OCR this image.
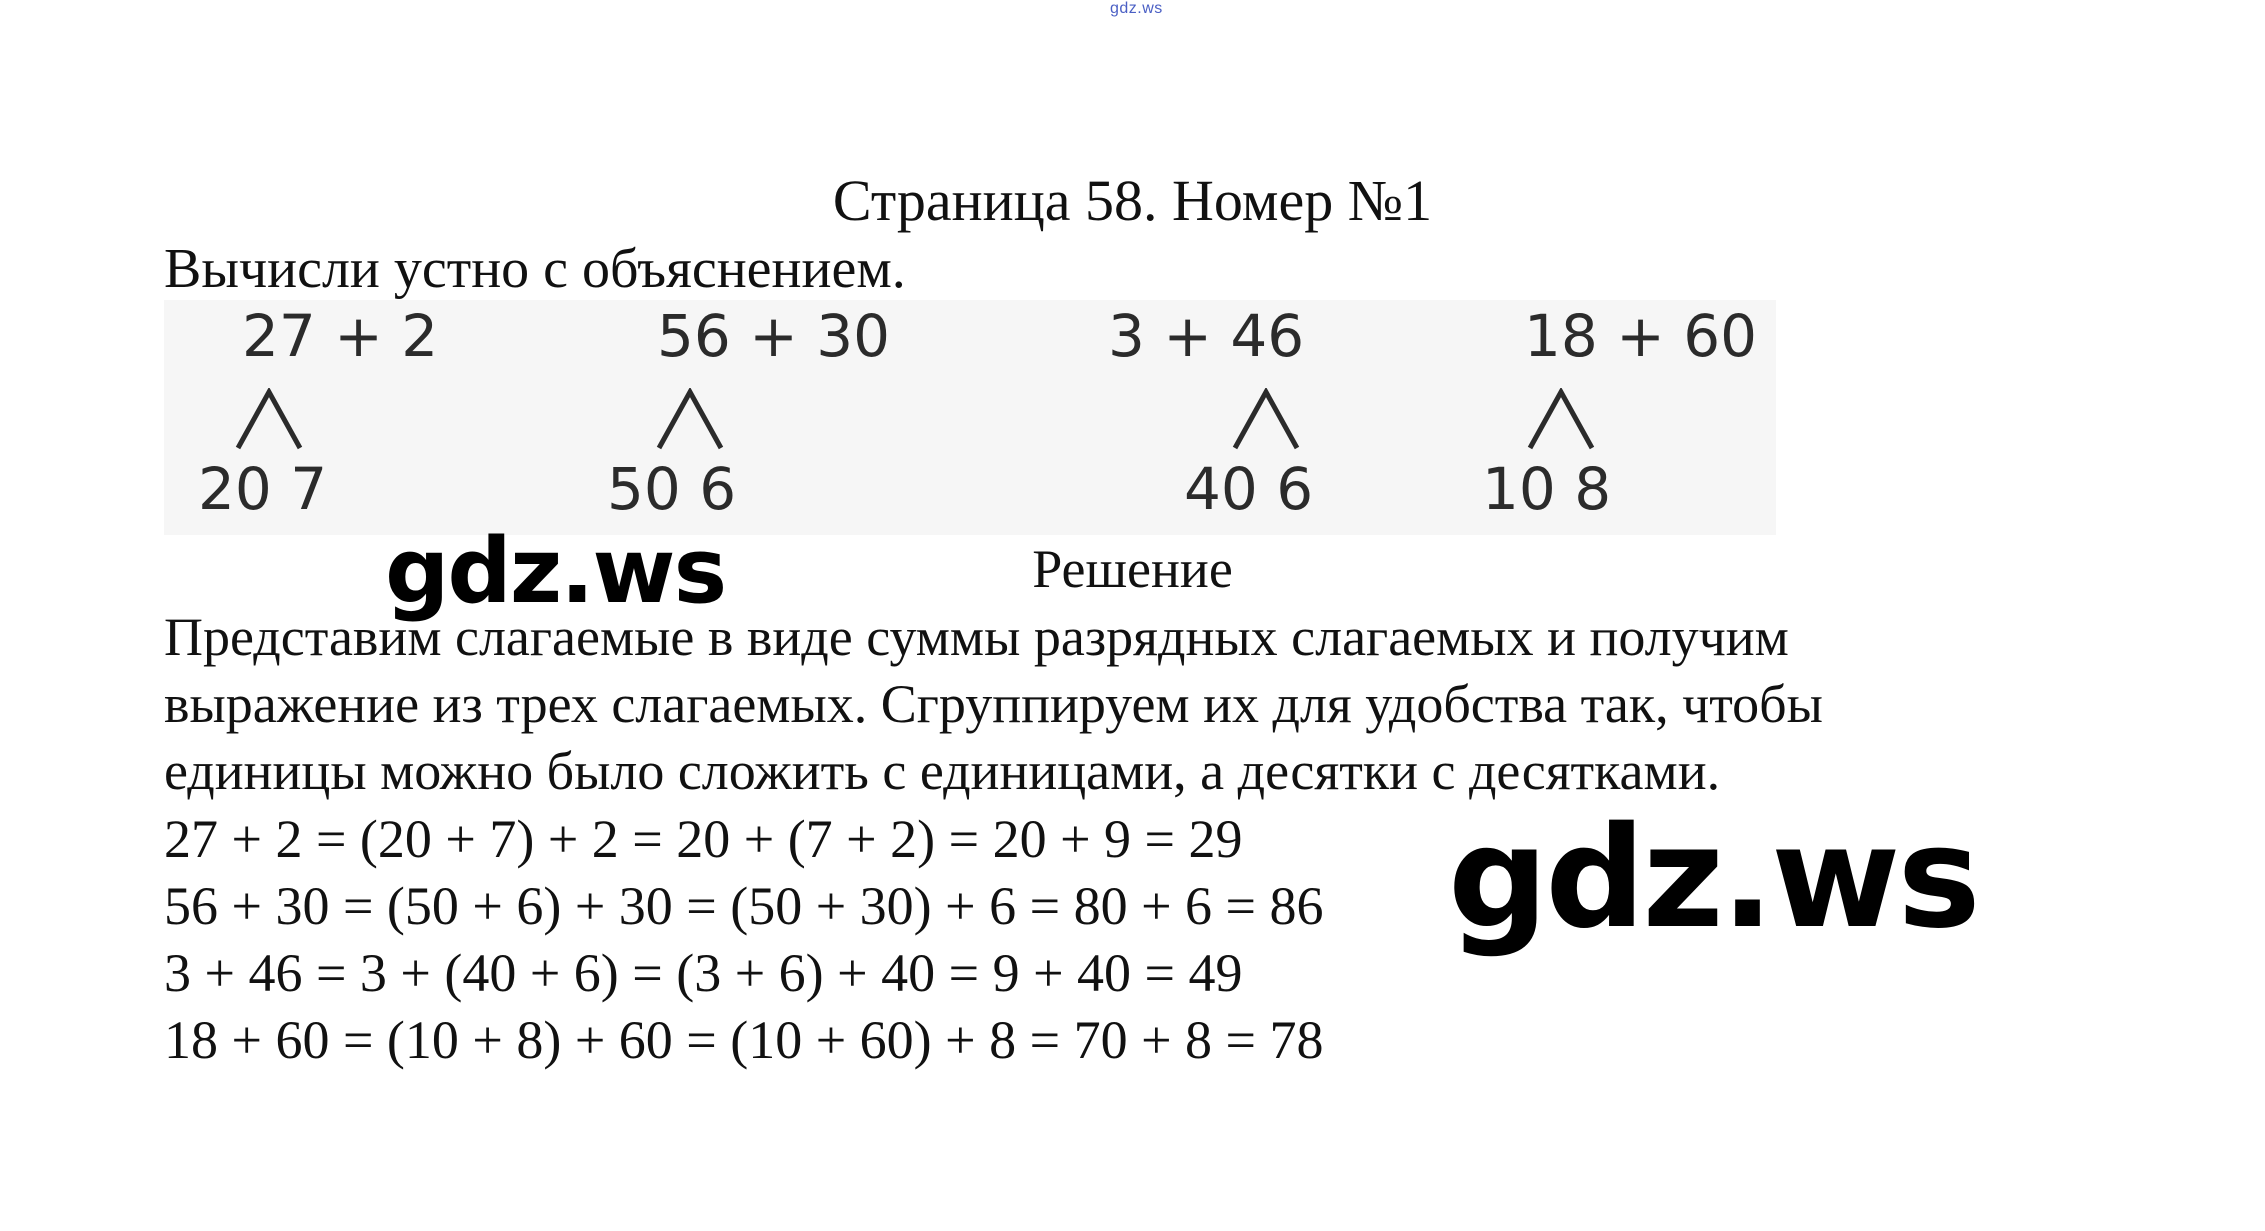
gdz.ws
Страница 58. Номер №1
Вычисли устно с объяснением.
27 + 2
20 7
56 + 30
50 6
3 + 46
40 6
18 + 60
10 8
Решение
Представим слагаемые в виде суммы разрядных слагаемых и получим
выражение из трех слагаемых. Сгруппируем их для удобства так, чтобы
единицы можно было сложить с единицами, а десятки с десятками.
27 + 2 = (20 + 7) + 2 = 20 + (7 + 2) = 20 + 9 = 29
56 + 30 = (50 + 6) + 30 = (50 + 30) + 6 = 80 + 6 = 86
3 + 46 = 3 + (40 + 6) = (3 + 6) + 40 = 9 + 40 = 49
18 + 60 = (10 + 8) + 60 = (10 + 60) + 8 = 70 + 8 = 78
gdz.ws
gdz.ws
